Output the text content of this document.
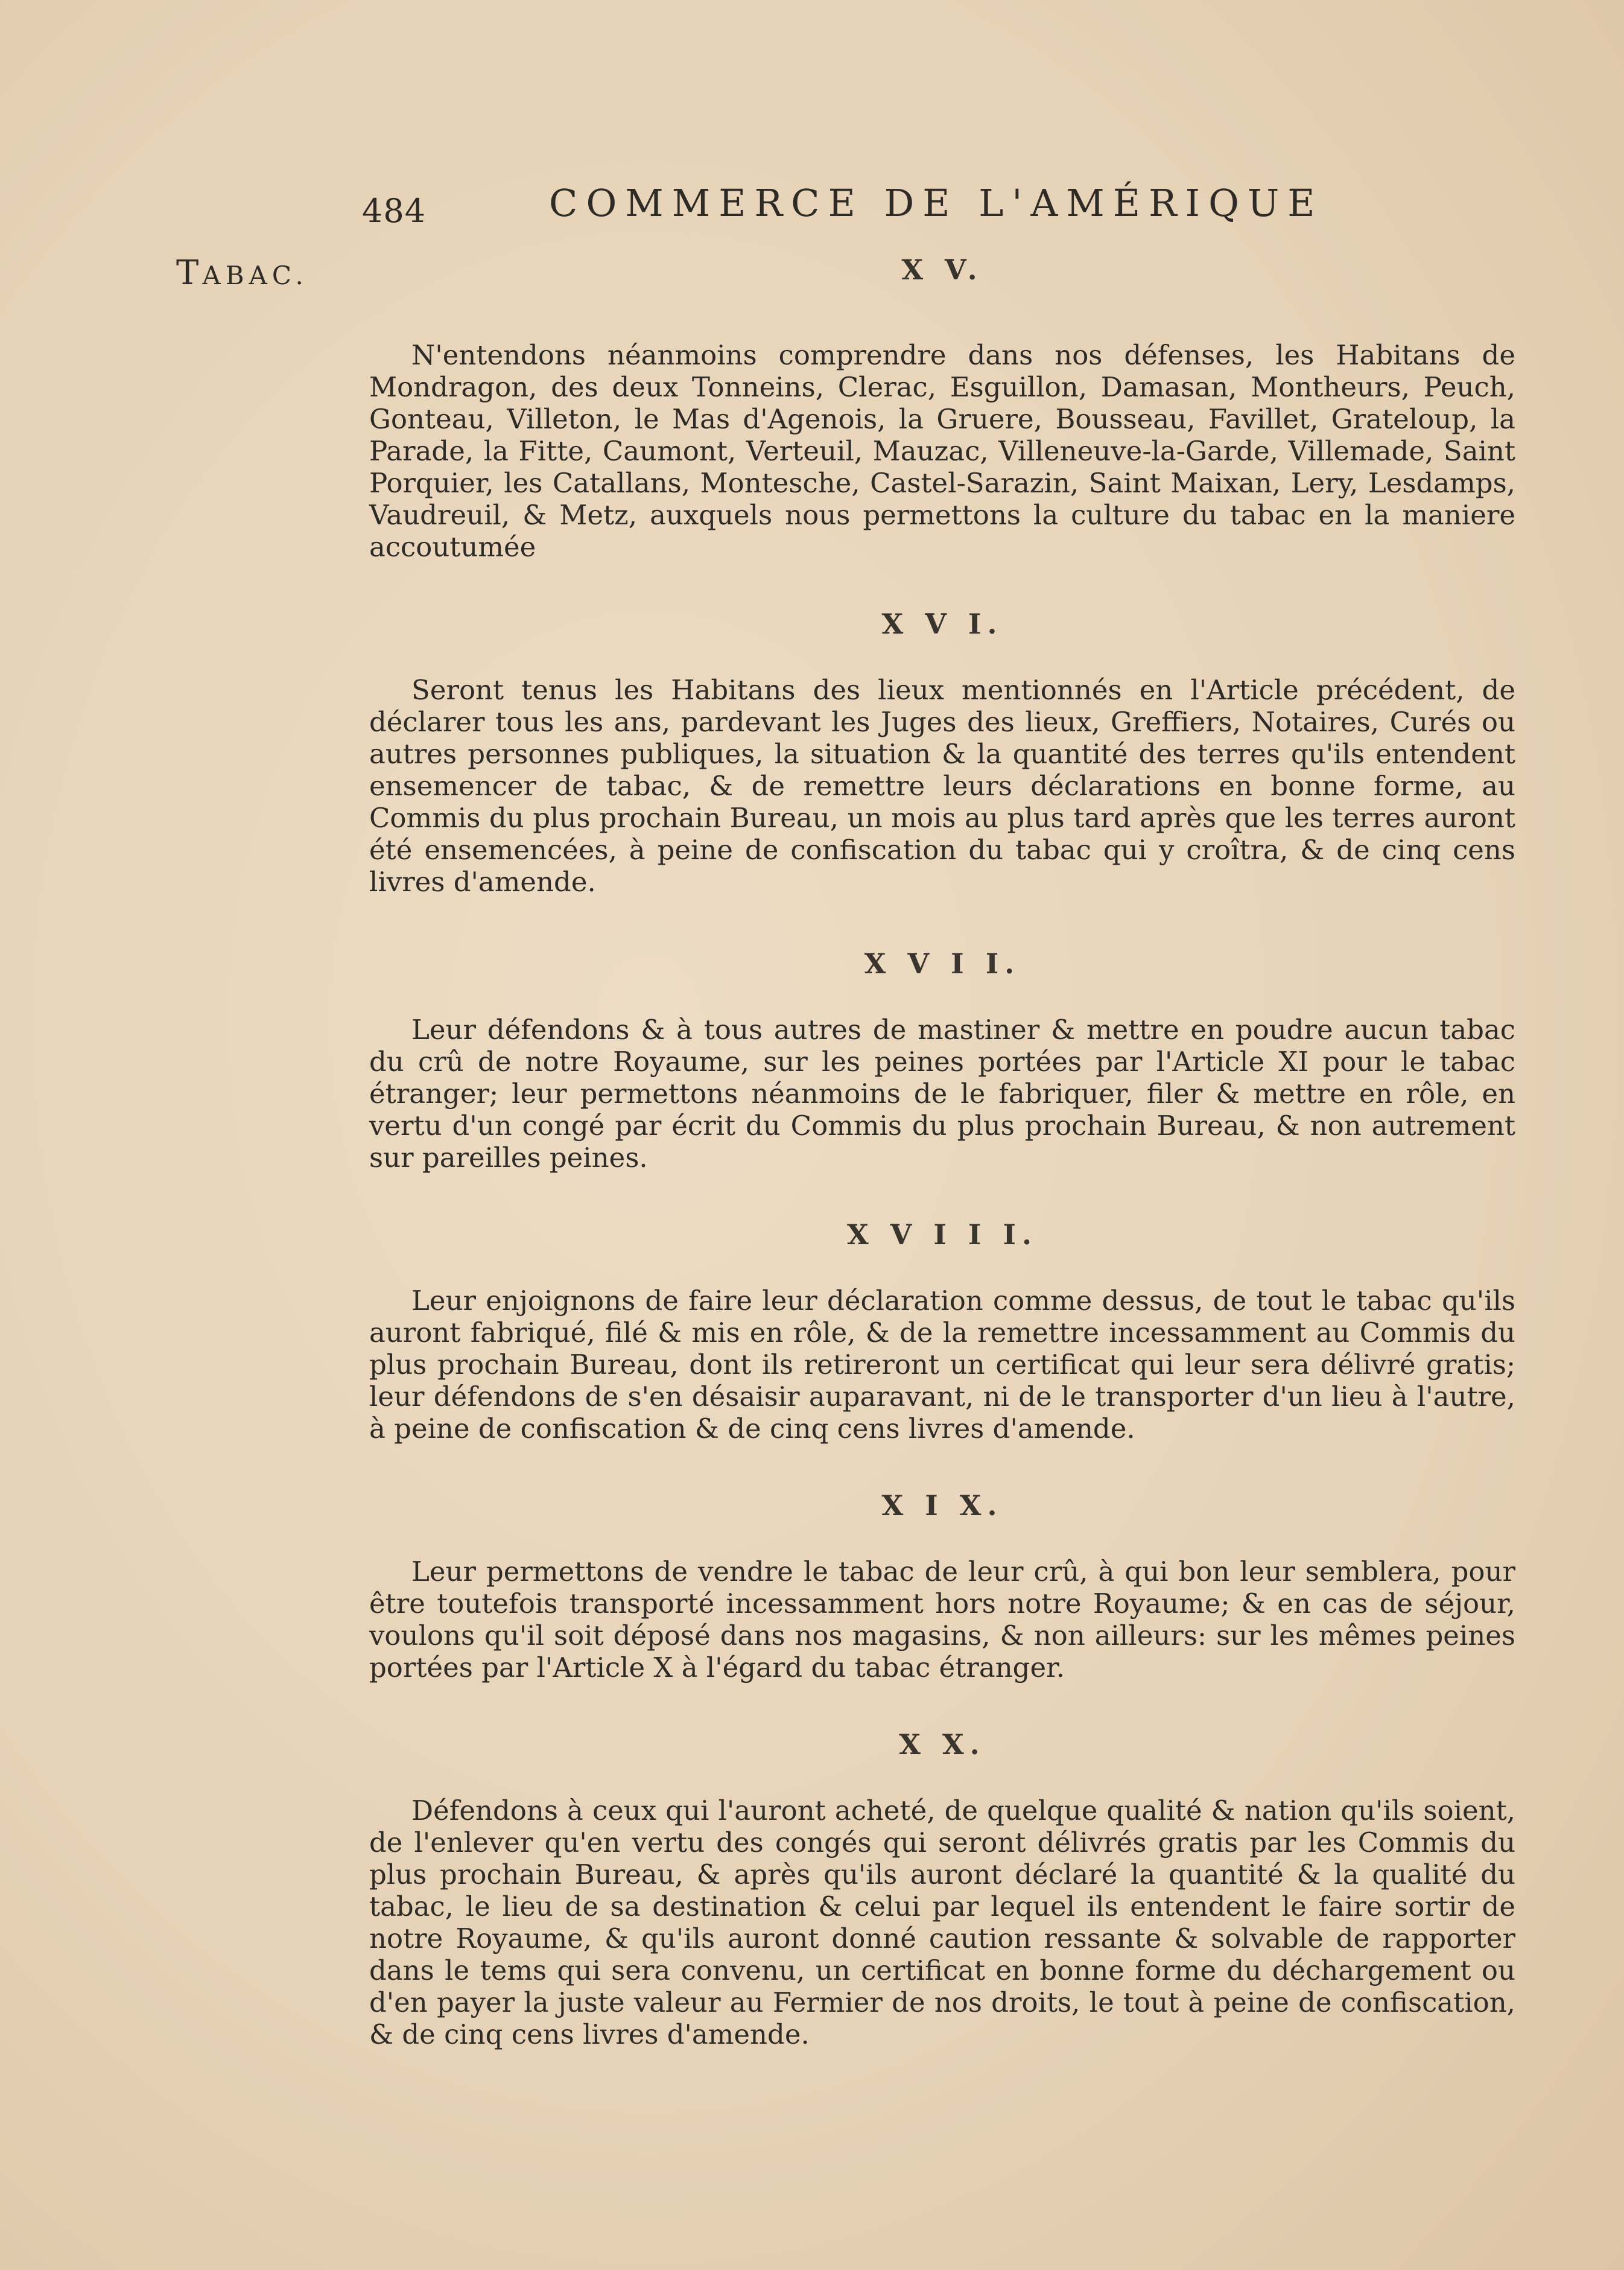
484	COMMERCE DE L'AMÉRIQUE
TABAC.	X V.

N'entendons néanmoins comprendre dans nos défenses, les Habitans de Mondragon, des deux Tonneins, Clerac, Esguillon, Damasan, Montheurs, Peuch, Gonteau, Villeton, le Mas d'Agenois, la Gruere, Bousseau, Favillet, Grateloup, la Parade, la Fitte, Caumont, Verteuil, Mauzac, Villeneuve-la-Garde, Villemade, Saint Porquier, les Catallans, Montesche, Castel-Sarazin, Saint Maixan, Lery, Lesdamps, Vaudreuil, & Metz, auxquels nous permettons la culture du tabac en la maniere accoutumée

X V I.

Seront tenus les Habitans des lieux mentionnés en l'Article précédent, de déclarer tous les ans, pardevant les Juges des lieux, Greffiers, Notaires, Curés ou autres personnes publiques, la situation & la quantité des terres qu'ils entendent ensemencer de tabac, & de remettre leurs déclarations en bonne forme, au Commis du plus prochain Bureau, un mois au plus tard après que les terres auront été ensemencées, à peine de confiscation du tabac qui y croîtra, & de cinq cens livres d'amende.

X V I I.

Leur défendons & à tous autres de mastiner & mettre en poudre aucun tabac du crû de notre Royaume, sur les peines portées par l'Article XI pour le tabac étranger; leur permettons néanmoins de le fabriquer, filer & mettre en rôle, en vertu d'un congé par écrit du Commis du plus prochain Bureau, & non autrement sur pareilles peines.

X V I I I.

Leur enjoignons de faire leur déclaration comme dessus, de tout le tabac qu'ils auront fabriqué, filé & mis en rôle, & de la remettre incessamment au Commis du plus prochain Bureau, dont ils retireront un certificat qui leur sera délivré gratis; leur défendons de s'en désaisir auparavant, ni de le transporter d'un lieu à l'autre, à peine de confiscation & de cinq cens livres d'amende.

X I X.

Leur permettons de vendre le tabac de leur crû, à qui bon leur semblera, pour être toutefois transporté incessamment hors notre Royaume; & en cas de séjour, voulons qu'il soit déposé dans nos magasins, & non ailleurs: sur les mêmes peines portées par l'Article X à l'égard du tabac étranger.

X X.

Défendons à ceux qui l'auront acheté, de quelque qualité & nation qu'ils soient, de l'enlever qu'en vertu des congés qui seront délivrés gratis par les Commis du plus prochain Bureau, & après qu'ils auront déclaré la quantité & la qualité du tabac, le lieu de sa destination & celui par lequel ils entendent le faire sortir de notre Royaume, & qu'ils auront donné caution ressante & solvable de rapporter dans le tems qui sera convenu, un certificat en bonne forme du déchargement ou d'en payer la juste valeur au Fermier de nos droits, le tout à peine de confiscation, & de cinq cens livres d'amende.
